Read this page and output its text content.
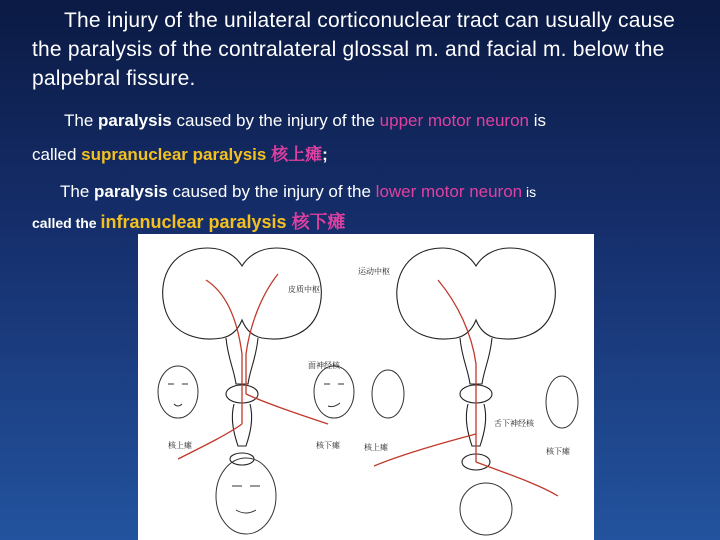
The injury of the unilateral corticonuclear tract can usually cause the paralysis of the contralateral glossal m. and facial m. below the palpebral fissure.
The paralysis caused by the injury of the upper motor neuron is
called supranuclear paralysis 核上瘫;
The paralysis caused by the injury of the lower motor neuron is
called the infranuclear paralysis 核下瘫
运动中枢
皮质中枢
面神经核
舌下神经核
核上瘫	核下瘫	核上瘫	核下瘫
